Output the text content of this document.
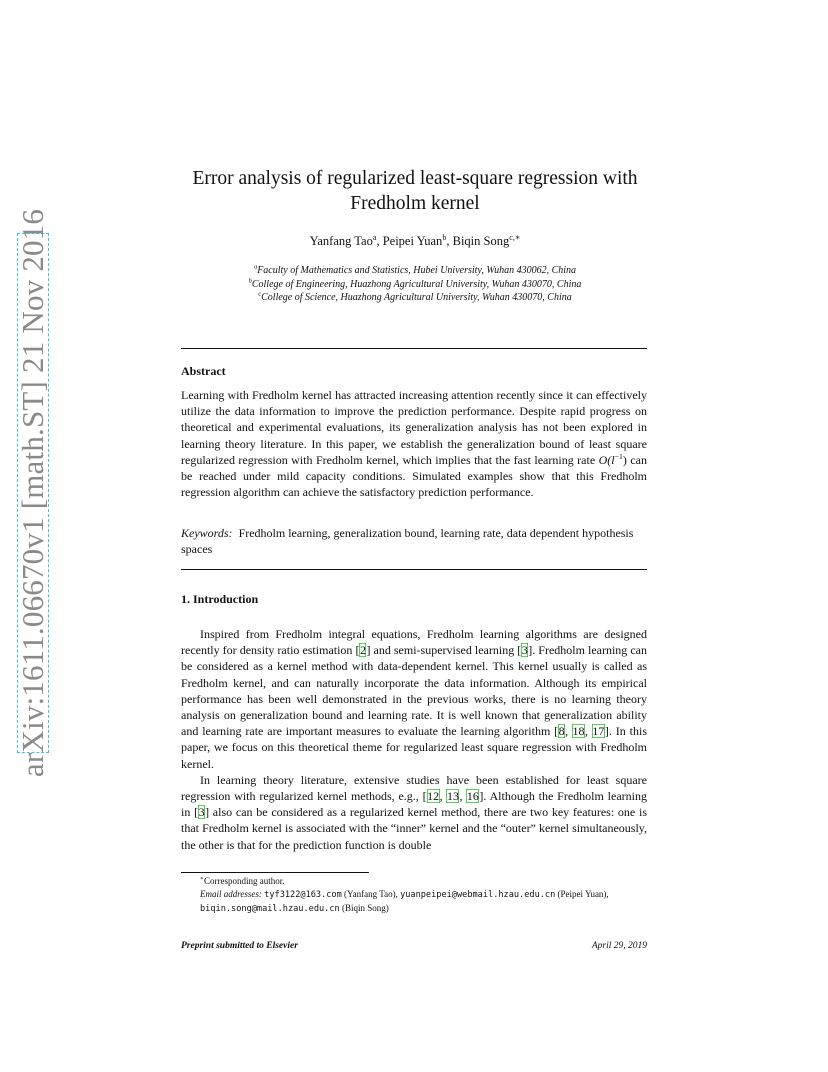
arXiv:1611.06670v1 [math.ST] 21 Nov 2016
Error analysis of regularized least-square regression with
Fredholm kernel
Yanfang Tao$^a$, Peipei Yuan$^b$, Biqin Song$^{c,∗}$
$^a$Faculty of Mathematics and Statistics, Hubei University, Wuhan 430062, China
$^b$College of Engineering, Huazhong Agricultural University, Wuhan 430070, China
$^c$College of Science, Huazhong Agricultural University, Wuhan 430070, China
Abstract
Learning with Fredholm kernel has attracted increasing attention recently since it can effectively utilize the data information to improve the prediction performance. Despite rapid progress on theoretical and experimental evaluations, its generalization analysis has not been explored in learning theory literature. In this paper, we establish the generalization bound of least square regularized regression with Fredholm kernel, which implies that the fast learning rate $O(l^{-1})$ can be reached under mild capacity conditions. Simulated examples show that this Fredholm regression algorithm can achieve the satisfactory prediction performance.
Keywords: Fredholm learning, generalization bound, learning rate, data dependent hypothesis spaces
1. Introduction

Inspired from Fredholm integral equations, Fredholm learning algorithms are designed recently for density ratio estimation [2] and semi-supervised learning [3]. Fredholm learning can be considered as a kernel method with data-dependent kernel. This kernel usually is called as Fredholm kernel, and can naturally incorporate the data information. Although its empirical performance has been well demonstrated in the previous works, there is no learning theory analysis on generalization bound and learning rate. It is well known that generalization ability and learning rate are important measures to evaluate the learning algorithm [8, 18, 17]. In this paper, we focus on this theoretical theme for regularized least square regression with Fredholm kernel.

In learning theory literature, extensive studies have been established for least square regression with regularized kernel methods, e.g., [12, 13, 16]. Although the Fredholm learning in [3] also can be considered as a regularized kernel method, there are two key features: one is that Fredholm kernel is associated with the “inner” kernel and the “outer” kernel simultaneously, the other is that for the prediction function is double

∗Corresponding author.
Email addresses: tyf3122@163.com (Yanfang Tao), yuanpeipei@webmail.hzau.edu.cn (Peipei Yuan), biqin.song@mail.hzau.edu.cn (Biqin Song)
Preprint submitted to Elsevier	April 29, 2019
